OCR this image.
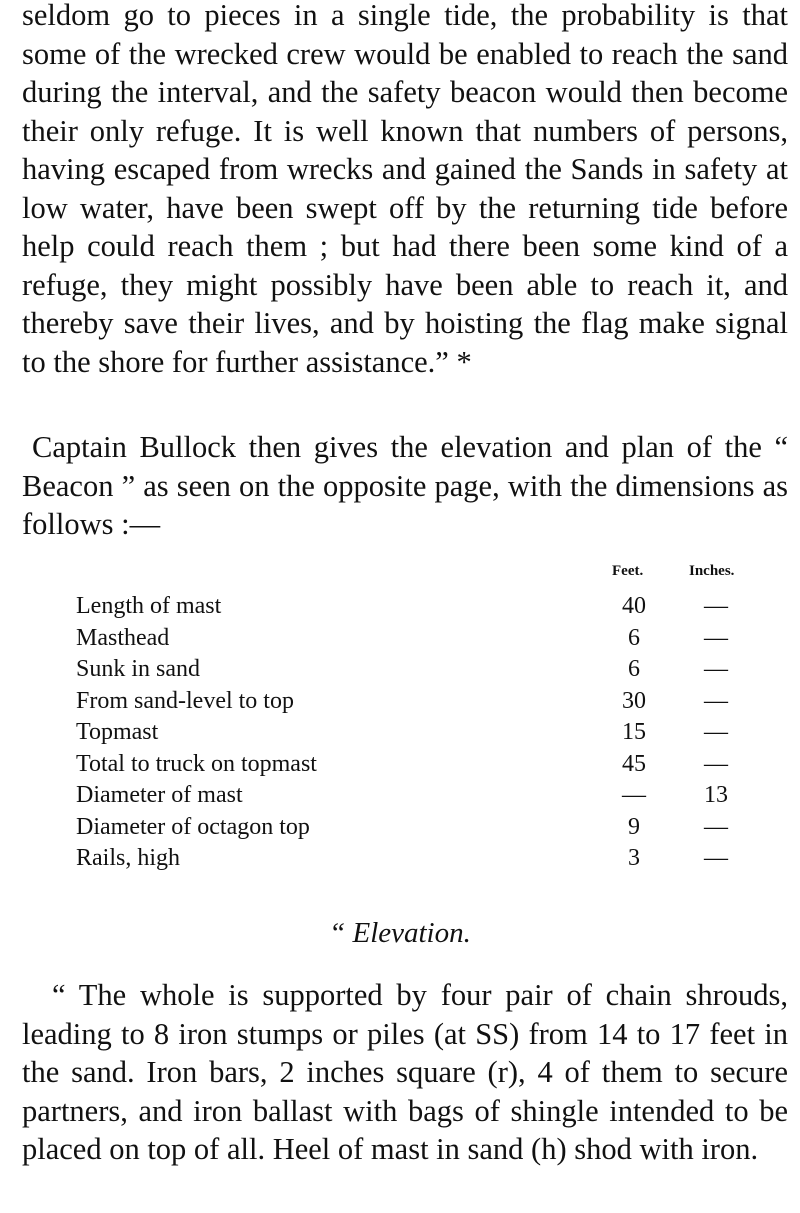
seldom go to pieces in a single tide, the probability is that some of the wrecked crew would be enabled to reach the sand during the interval, and the safety beacon would then become their only refuge. It is well known that numbers of persons, having escaped from wrecks and gained the Sands in safety at low water, have been swept off by the returning tide before help could reach them ; but had there been some kind of a refuge, they might possibly have been able to reach it, and thereby save their lives, and by hoisting the flag make signal to the shore for further assistance.” *

Captain Bullock then gives the elevation and plan of the “ Beacon ” as seen on the opposite page, with the dimensions as follows :—

Feet.	Inches.
Length of mast	40	—
Masthead	6	—
Sunk in sand	6	—
From sand-level to top	30	—
Topmast	15	—
Total to truck on topmast	45	—
Diameter of mast	—	13
Diameter of octagon top	9	—
Rails, high	3	—

“ Elevation.

“ The whole is supported by four pair of chain shrouds, leading to 8 iron stumps or piles (at SS) from 14 to 17 feet in the sand. Iron bars, 2 inches square (r), 4 of them to secure partners, and iron ballast with bags of shingle intended to be placed on top of all. Heel of mast in sand (h) shod with iron.
